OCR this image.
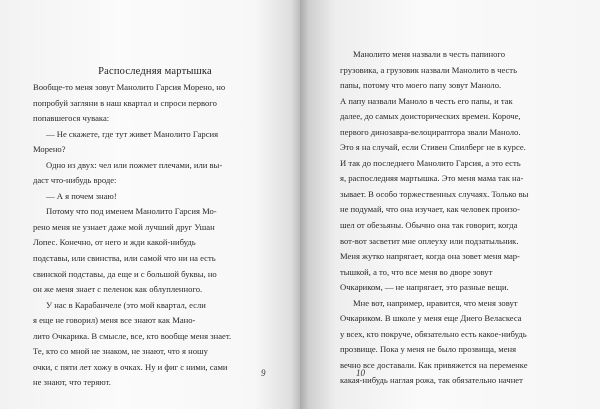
Распоследняя мартышка
Вообще-то меня зовут Манолито Гарсия Морено, но
попробуй загляни в наш квартал и спроси первого
попавшегося чувака:
— Не скажете, где тут живет Манолито Гарсия
Морено?
Одно из двух: чел или пожмет плечами, или вы-
даст что-нибудь вроде:
— А я почем знаю!
Потому что под именем Манолито Гарсия Мо-
рено меня не узнает даже мой лучший друг Ушан
Лопес. Конечно, от него и жди какой-нибудь
подставы, или свинства, или самой что ни на есть
свинской подставы, да еще и с большой буквы, но
он же меня знает с пеленок как облупленного.
У нас в Карабанчеле (это мой квартал, если
я еще не говорил) меня все знают как Мано-
лито Очкарика. В смысле, все, кто вообще меня знает.
Те, кто со мной не знаком, не знают, что я ношу
очки, с пяти лет хожу в очках. Ну и фиг с ними, сами
не знают, что теряют.
9
Манолито меня назвали в честь папиного
грузовика, а грузовик назвали Манолито в честь
папы, потому что моего папу зовут Маноло.
А папу назвали Маноло в честь его папы, и так
далее, до самых доисторических времен. Короче,
первого динозавра-велоцираптора звали Маноло.
Это я на случай, если Стивен Спилберг не в курсе.
И так до последнего Манолито Гарсия, а это есть
я, распоследняя мартышка. Это меня мама так на-
зывает. В особо торжественных случаях. Только вы
не подумай, что она изучает, как человек произо-
шел от обезьяны. Обычно она так говорит, когда
вот-вот засветит мне оплеуху или подзатыльник.
Меня жутко напрягает, когда она зовет меня мар-
тышкой, а то, что все меня во дворе зовут
Очкариком, — не напрягает, это разные вещи.
Мне вот, например, нравится, что меня зовут
Очкариком. В школе у меня еще Диего Веласкеса
у всех, кто покруче, обязательно есть какое-нибудь
прозвище. Пока у меня не было прозвища, меня
вечно все доставали. Как привяжется на переменке
какая-нибудь наглая рожа, так обязательно начнет
10
